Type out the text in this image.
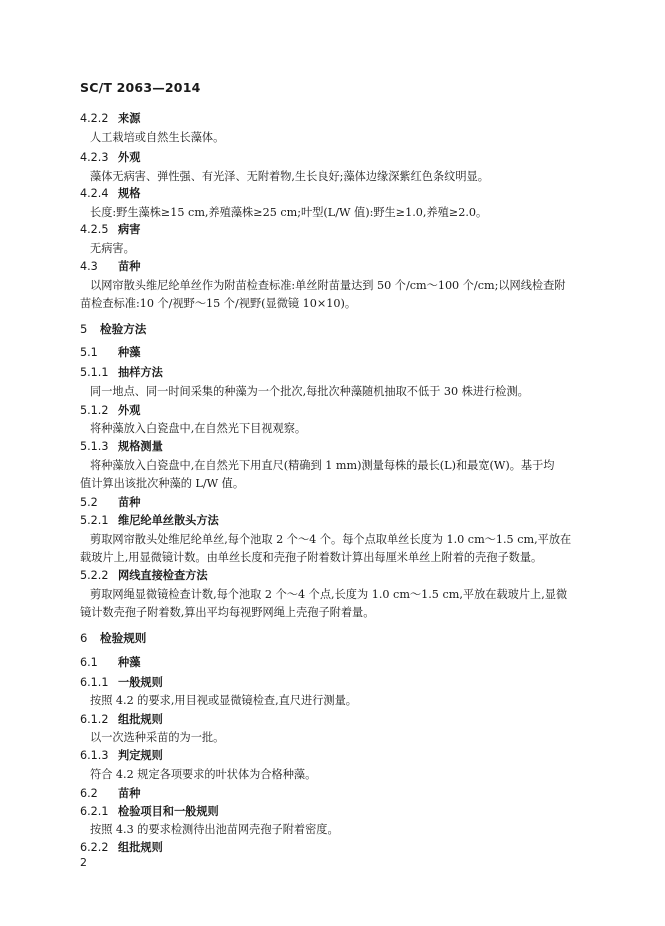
SC/T 2063—2014
4.2.2 来源
人工栽培或自然生长藻体。
4.2.3 外观
藻体无病害、弹性强、有光泽、无附着物,生长良好;藻体边缘深紫红色条纹明显。
4.2.4 规格
长度:野生藻株≥15 cm,养殖藻株≥25 cm;叶型(L/W 值):野生≥1.0,养殖≥2.0。
4.2.5 病害
无病害。
4.3 苗种
以网帘散头维尼纶单丝作为附苗检查标准:单丝附苗量达到 50 个/cm～100 个/cm;以网线检查附
苗检查标准:10 个/视野～15 个/视野(显微镜 10×10)。
5 检验方法
5.1 种藻
5.1.1 抽样方法
同一地点、同一时间采集的种藻为一个批次,每批次种藻随机抽取不低于 30 株进行检测。
5.1.2 外观
将种藻放入白瓷盘中,在自然光下目视观察。
5.1.3 规格测量
将种藻放入白瓷盘中,在自然光下用直尺(精确到 1 mm)测量每株的最长(L)和最宽(W)。基于均
值计算出该批次种藻的 L/W 值。
5.2 苗种
5.2.1 维尼纶单丝散头方法
剪取网帘散头处维尼纶单丝,每个池取 2 个～4 个。每个点取单丝长度为 1.0 cm～1.5 cm,平放在
载玻片上,用显微镜计数。由单丝长度和壳孢子附着数计算出每厘米单丝上附着的壳孢子数量。
5.2.2 网线直接检查方法
剪取网绳显微镜检查计数,每个池取 2 个～4 个点,长度为 1.0 cm～1.5 cm,平放在载玻片上,显微
镜计数壳孢子附着数,算出平均每视野网绳上壳孢子附着量。
6 检验规则
6.1 种藻
6.1.1 一般规则
按照 4.2 的要求,用目视或显微镜检查,直尺进行测量。
6.1.2 组批规则
以一次选种采苗的为一批。
6.1.3 判定规则
符合 4.2 规定各项要求的叶状体为合格种藻。
6.2 苗种
6.2.1 检验项目和一般规则
按照 4.3 的要求检测待出池苗网壳孢子附着密度。
6.2.2 组批规则
2
